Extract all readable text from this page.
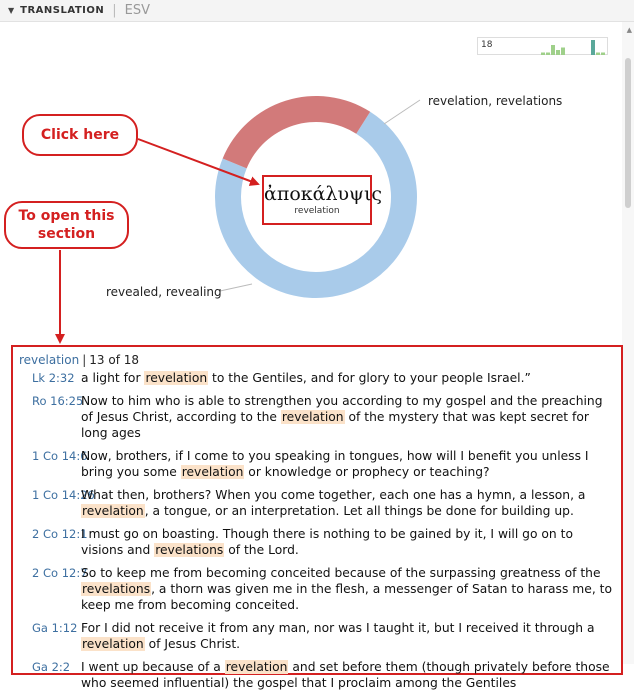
▼ TRANSLATION | ESV
▲
18
revelation, revelations
revealed, revealing
ἀποκάλυψις
revelation
Click here
To open this section
revelation | 13 of 18
Lk 2:32 a light for revelation to the Gentiles, and for glory to your people Israel.”
Ro 16:25
Now to him who is able to strengthen you according to my gospel and the preaching of Jesus Christ, according to the revelation of the mystery that was kept secret for long ages
1 Co 14:6
Now, brothers, if I come to you speaking in tongues, how will I benefit you unless I bring you some revelation or knowledge or prophecy or teaching?
1 Co 14:26
What then, brothers? When you come together, each one has a hymn, a lesson, a revelation, a tongue, or an interpretation. Let all things be done for building up.
2 Co 12:1
I must go on boasting. Though there is nothing to be gained by it, I will go on to visions and revelations of the Lord.
2 Co 12:7
So to keep me from becoming conceited because of the surpassing greatness of the revelations, a thorn was given me in the flesh, a messenger of Satan to harass me, to keep me from becoming conceited.
Ga 1:12 For I did not receive it from any man, nor was I taught it, but I received it through a revelation of Jesus Christ.
Ga 2:2 I went up because of a revelation and set before them (though privately before those who seemed influential) the gospel that I proclaim among the Gentiles
